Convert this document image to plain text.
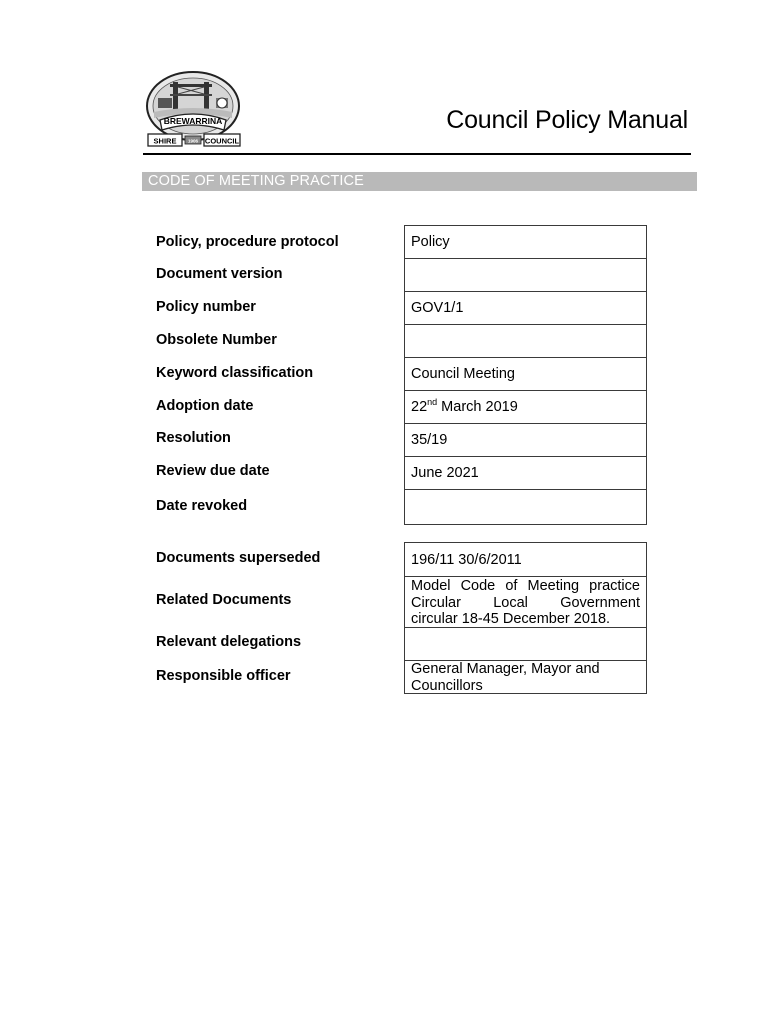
BREWARRINA
SHIRE	1906 COUNCIL
Council Policy Manual
CODE OF MEETING PRACTICE
Policy, procedure protocol
Document version
Policy number
Obsolete Number
Keyword classification
Adoption date
Resolution
Review due date
Date revoked
Documents superseded
Related Documents
Relevant delegations
Responsible officer
Policy
GOV1/1
Council Meeting
22nd March 2019
35/19
June 2021
196/11 30/6/2011
Model Code of Meeting practice
Circular Local Government
circular 18-45 December 2018.
General Manager, Mayor and
Councillors
